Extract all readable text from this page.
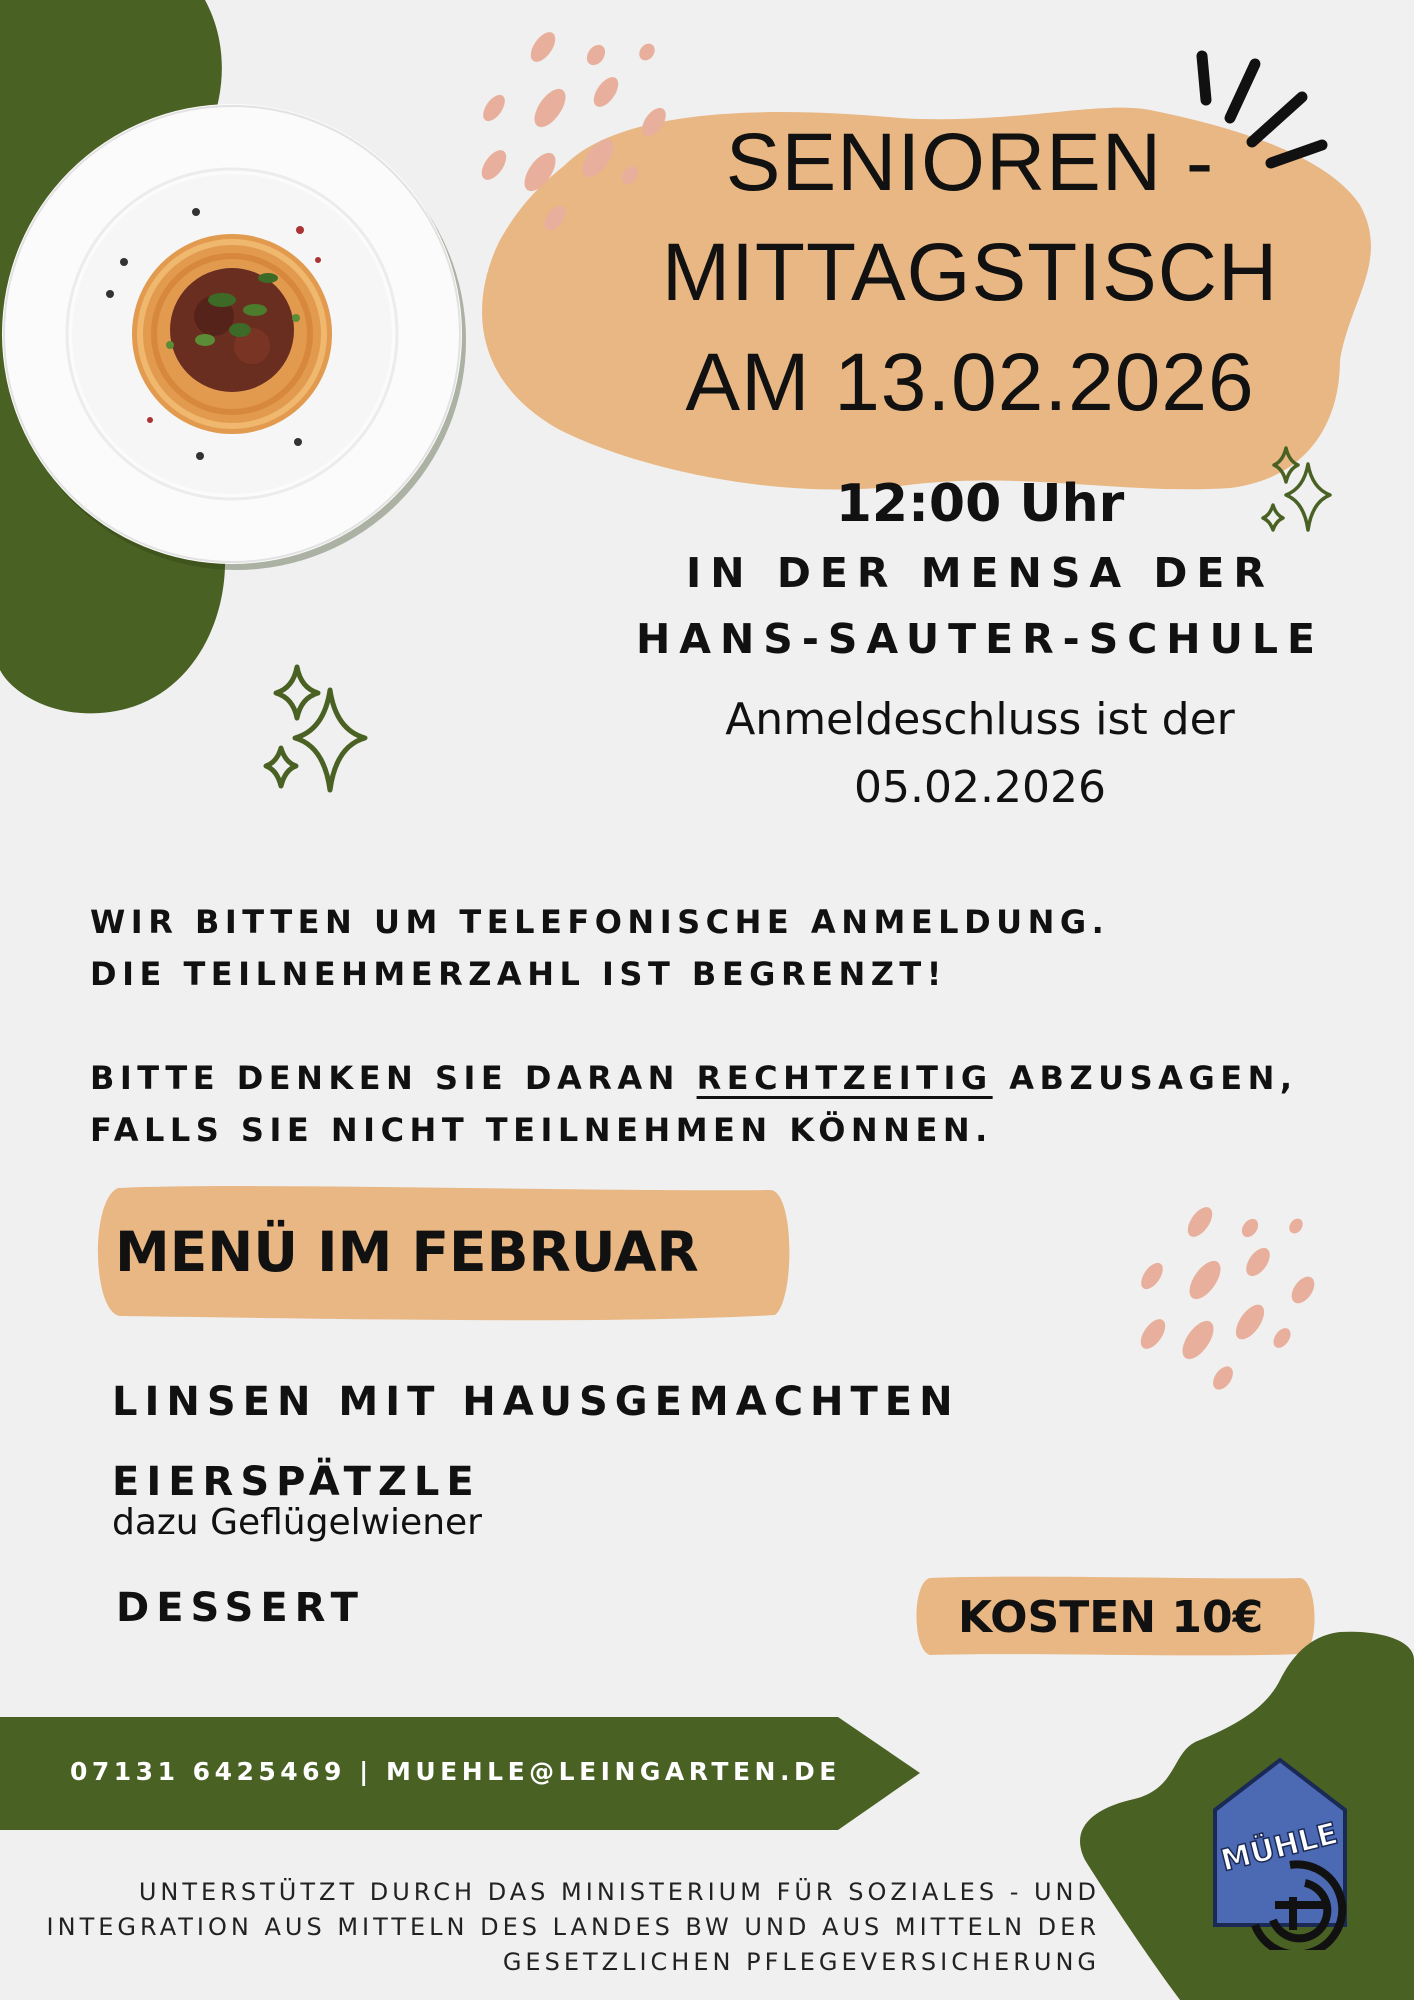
SENIOREN -
MITTAGSTISCH
AM 13.02.2026
12:00 Uhr
IN DER MENSA DER
HANS-SAUTER-SCHULE
Anmeldeschluss ist der
05.02.2026
WIR BITTEN UM TELEFONISCHE ANMELDUNG.
DIE TEILNEHMERZAHL IST BEGRENZT!
BITTE DENKEN SIE DARAN RECHTZEITIG ABZUSAGEN,
FALLS SIE NICHT TEILNEHMEN KÖNNEN.
MENÜ IM FEBRUAR
LINSEN MIT HAUSGEMACHTEN
EIERSPÄTZLE
dazu Geflügelwiener
DESSERT	KOSTEN 10€
07131 6425469 | MUEHLE@LEINGARTEN.DE
UNTERSTÜTZT DURCH DAS MINISTERIUM FÜR SOZIALES - UND
INTEGRATION AUS MITTELN DES LANDES BW UND AUS MITTELN DER
GESETZLICHEN PFLEGEVERSICHERUNG
MÜHLE
